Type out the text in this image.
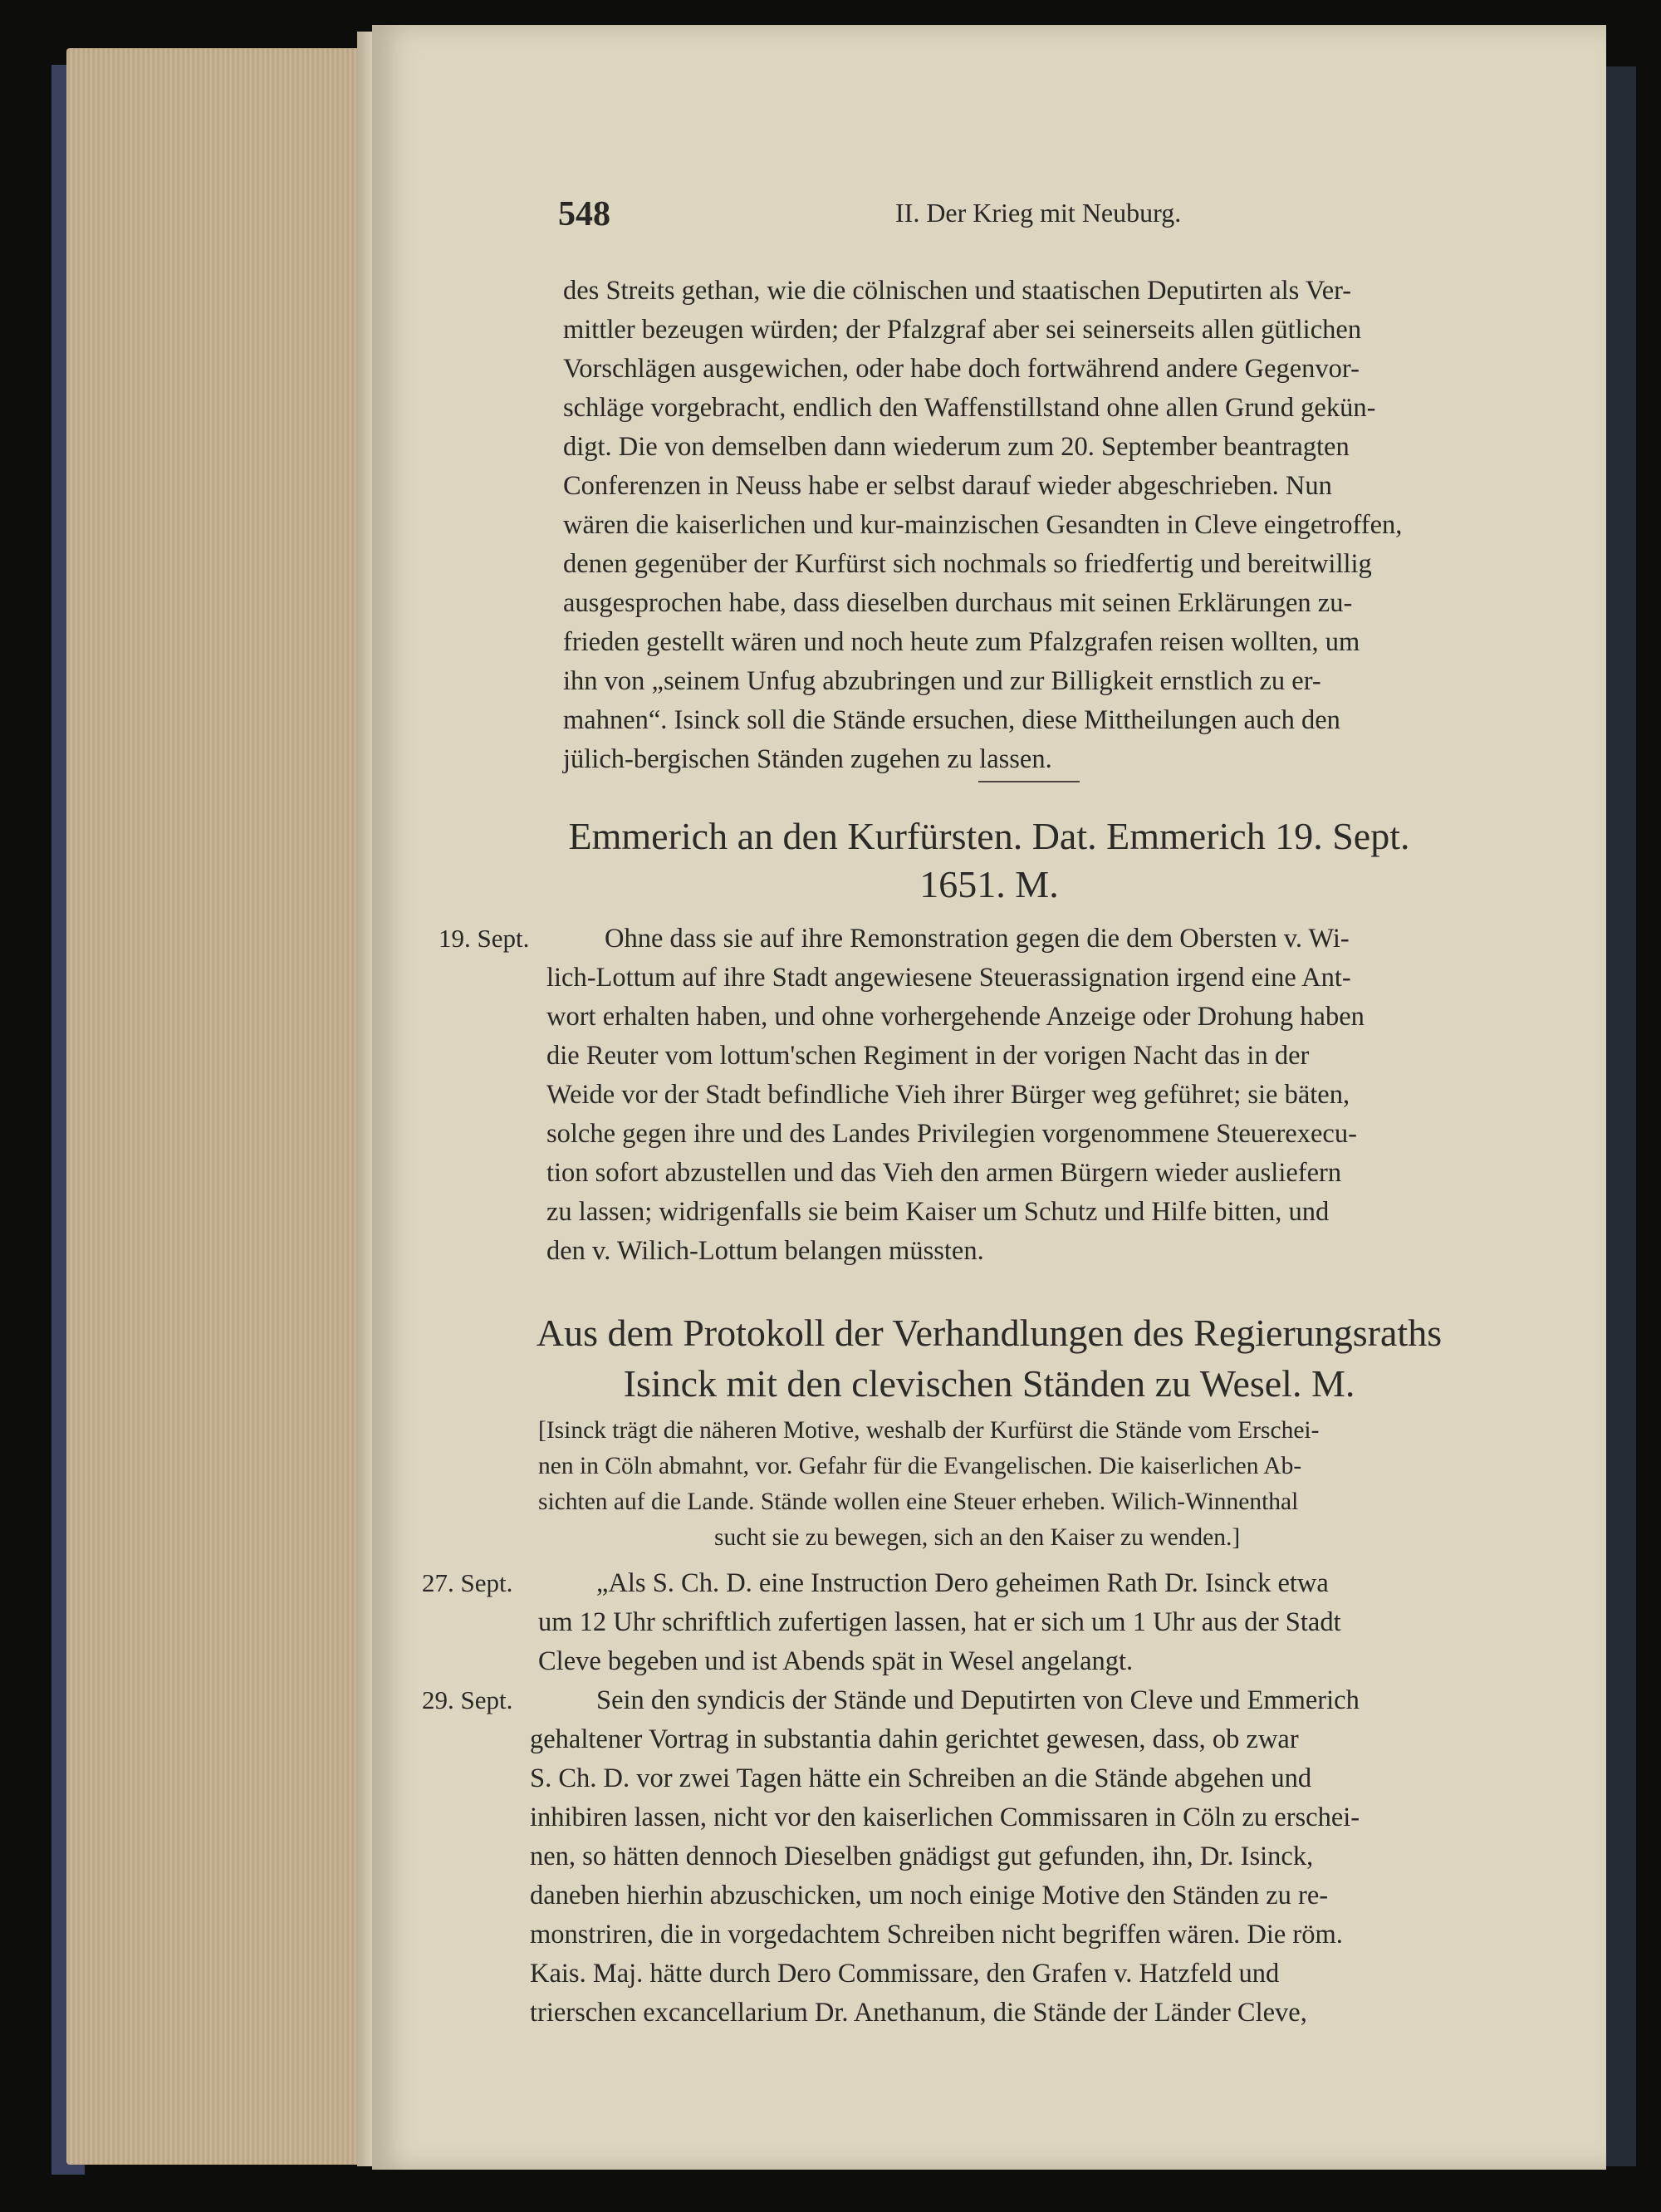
548	II. Der Krieg mit Neuburg.
des Streits gethan, wie die cölnischen und staatischen Deputirten als Ver-
mittler bezeugen würden; der Pfalzgraf aber sei seinerseits allen gütlichen
Vorschlägen ausgewichen, oder habe doch fortwährend andere Gegenvor-
schläge vorgebracht, endlich den Waffenstillstand ohne allen Grund gekün-
digt. Die von demselben dann wiederum zum 20. September beantragten
Conferenzen in Neuss habe er selbst darauf wieder abgeschrieben. Nun
wären die kaiserlichen und kur-mainzischen Gesandten in Cleve eingetroffen,
denen gegenüber der Kurfürst sich nochmals so friedfertig und bereitwillig
ausgesprochen habe, dass dieselben durchaus mit seinen Erklärungen zu-
frieden gestellt wären und noch heute zum Pfalzgrafen reisen wollten, um
ihn von „seinem Unfug abzubringen und zur Billigkeit ernstlich zu er-
mahnen“. Isinck soll die Stände ersuchen, diese Mittheilungen auch den
jülich-bergischen Ständen zugehen zu lassen.
Emmerich an den Kurfürsten. Dat. Emmerich 19. Sept.
1651. M.
19. Sept.	Ohne dass sie auf ihre Remonstration gegen die dem Obersten v. Wi-
lich-Lottum auf ihre Stadt angewiesene Steuerassignation irgend eine Ant-
wort erhalten haben, und ohne vorhergehende Anzeige oder Drohung haben
die Reuter vom lottum'schen Regiment in der vorigen Nacht das in der
Weide vor der Stadt befindliche Vieh ihrer Bürger weg geführet; sie bäten,
solche gegen ihre und des Landes Privilegien vorgenommene Steuerexecu-
tion sofort abzustellen und das Vieh den armen Bürgern wieder ausliefern
zu lassen; widrigenfalls sie beim Kaiser um Schutz und Hilfe bitten, und
den v. Wilich-Lottum belangen müssten.
Aus dem Protokoll der Verhandlungen des Regierungsraths
Isinck mit den clevischen Ständen zu Wesel. M.
[Isinck trägt die näheren Motive, weshalb der Kurfürst die Stände vom Erschei-
nen in Cöln abmahnt, vor. Gefahr für die Evangelischen. Die kaiserlichen Ab-
sichten auf die Lande. Stände wollen eine Steuer erheben. Wilich-Winnenthal
sucht sie zu bewegen, sich an den Kaiser zu wenden.]
27. Sept.	„Als S. Ch. D. eine Instruction Dero geheimen Rath Dr. Isinck etwa
um 12 Uhr schriftlich zufertigen lassen, hat er sich um 1 Uhr aus der Stadt
Cleve begeben und ist Abends spät in Wesel angelangt.
29. Sept.	Sein den syndicis der Stände und Deputirten von Cleve und Emmerich
gehaltener Vortrag in substantia dahin gerichtet gewesen, dass, ob zwar
S. Ch. D. vor zwei Tagen hätte ein Schreiben an die Stände abgehen und
inhibiren lassen, nicht vor den kaiserlichen Commissaren in Cöln zu erschei-
nen, so hätten dennoch Dieselben gnädigst gut gefunden, ihn, Dr. Isinck,
daneben hierhin abzuschicken, um noch einige Motive den Ständen zu re-
monstriren, die in vorgedachtem Schreiben nicht begriffen wären. Die röm.
Kais. Maj. hätte durch Dero Commissare, den Grafen v. Hatzfeld und
trierschen excancellarium Dr. Anethanum, die Stände der Länder Cleve,
